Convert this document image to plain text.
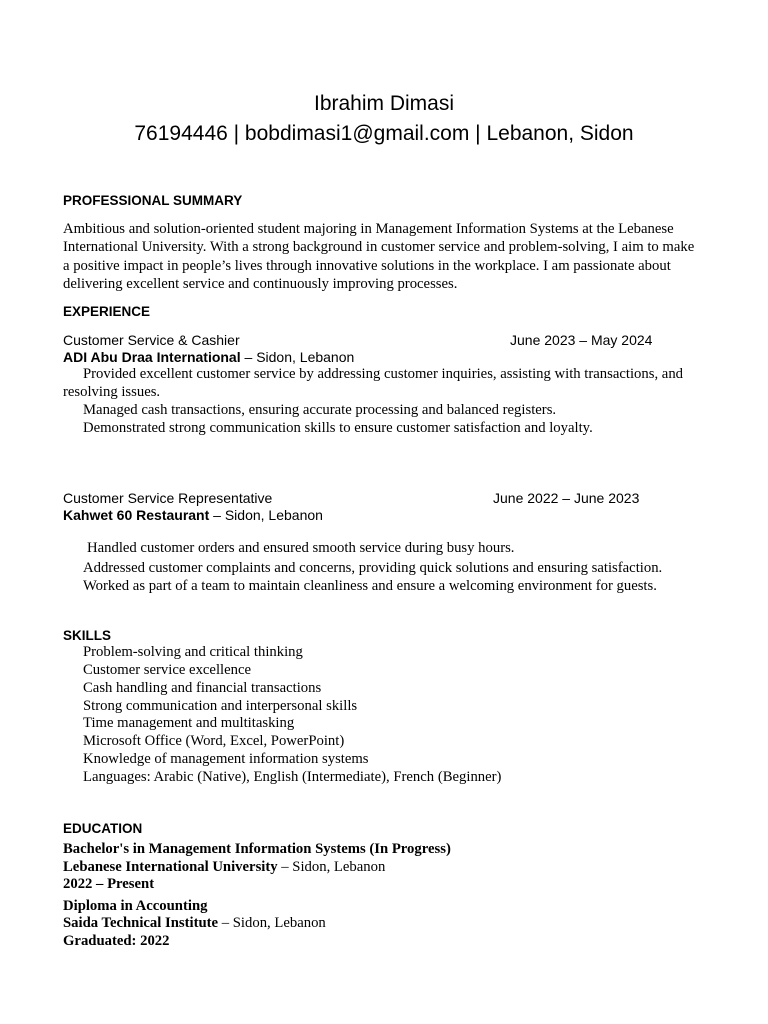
Ibrahim Dimasi
76194446 | bobdimasi1@gmail.com | Lebanon, Sidon
PROFESSIONAL SUMMARY
Ambitious and solution-oriented student majoring in Management Information Systems at the Lebanese International University. With a strong background in customer service and problem-solving, I aim to make a positive impact in people’s lives through innovative solutions in the workplace. I am passionate about delivering excellent service and continuously improving processes.
EXPERIENCE
Customer Service & Cashier	June 2023 – May 2024
ADI Abu Draa International – Sidon, Lebanon
Provided excellent customer service by addressing customer inquiries, assisting with transactions, and resolving issues.
Managed cash transactions, ensuring accurate processing and balanced registers.
Demonstrated strong communication skills to ensure customer satisfaction and loyalty.
Customer Service Representative	June 2022 – June 2023
Kahwet 60 Restaurant – Sidon, Lebanon
Handled customer orders and ensured smooth service during busy hours.
Addressed customer complaints and concerns, providing quick solutions and ensuring satisfaction.
Worked as part of a team to maintain cleanliness and ensure a welcoming environment for guests.
SKILLS
Problem-solving and critical thinking
Customer service excellence
Cash handling and financial transactions
Strong communication and interpersonal skills
Time management and multitasking
Microsoft Office (Word, Excel, PowerPoint)
Knowledge of management information systems
Languages: Arabic (Native), English (Intermediate), French (Beginner)
EDUCATION
Bachelor's in Management Information Systems (In Progress)
Lebanese International University – Sidon, Lebanon
2022 – Present
Diploma in Accounting
Saida Technical Institute – Sidon, Lebanon
Graduated: 2022
